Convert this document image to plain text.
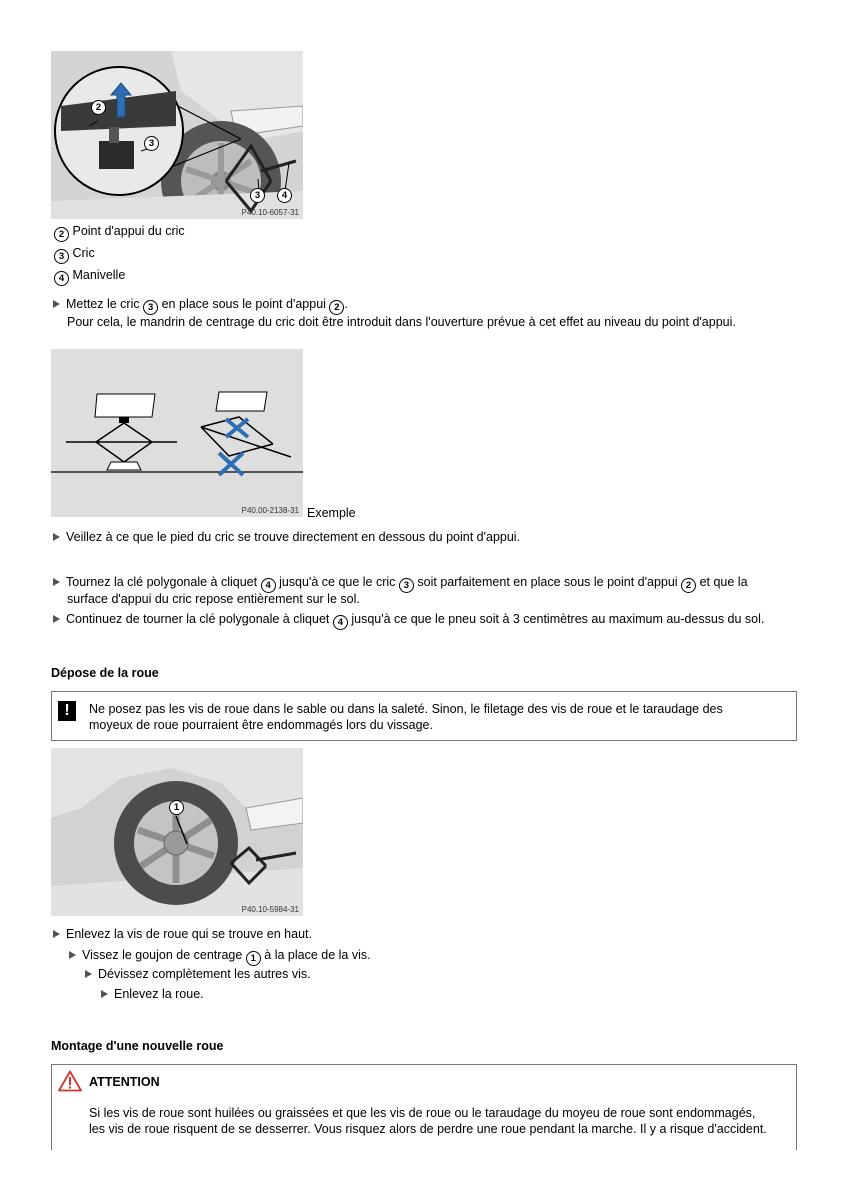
2
3
3	4
P40.10-6057-31
2 Point d'appui du cric
3 Cric
4 Manivelle
Mettez le cric 3 en place sous le point d'appui 2 .
Pour cela, le mandrin de centrage du cric doit être introduit dans l'ouverture prévue à cet effet au niveau du point d'appui.
P40.00-2138-31 Exemple
Veillez à ce que le pied du cric se trouve directement en dessous du point d'appui.
Tournez la clé polygonale à cliquet 4 jusqu'à ce que le cric 3 soit parfaitement en place sous le point d'appui 2 et que la
surface d'appui du cric repose entièrement sur le sol.
Continuez de tourner la clé polygonale à cliquet 4 jusqu'à ce que le pneu soit à 3 centimètres au maximum au-dessus du sol.
Dépose de la roue
!	Ne posez pas les vis de roue dans le sable ou dans la saleté. Sinon, le filetage des vis de roue et le taraudage des
moyeux de roue pourraient être endommagés lors du vissage.
1
P40.10-5984-31
Enlevez la vis de roue qui se trouve en haut.
Vissez le goujon de centrage 1 à la place de la vis.
Dévissez complètement les autres vis.
Enlevez la roue.
Montage d'une nouvelle roue
ATTENTION
Si les vis de roue sont huilées ou graissées et que les vis de roue ou le taraudage du moyeu de roue sont endommagés,
les vis de roue risquent de se desserrer. Vous risquez alors de perdre une roue pendant la marche. Il y a risque d'accident.
